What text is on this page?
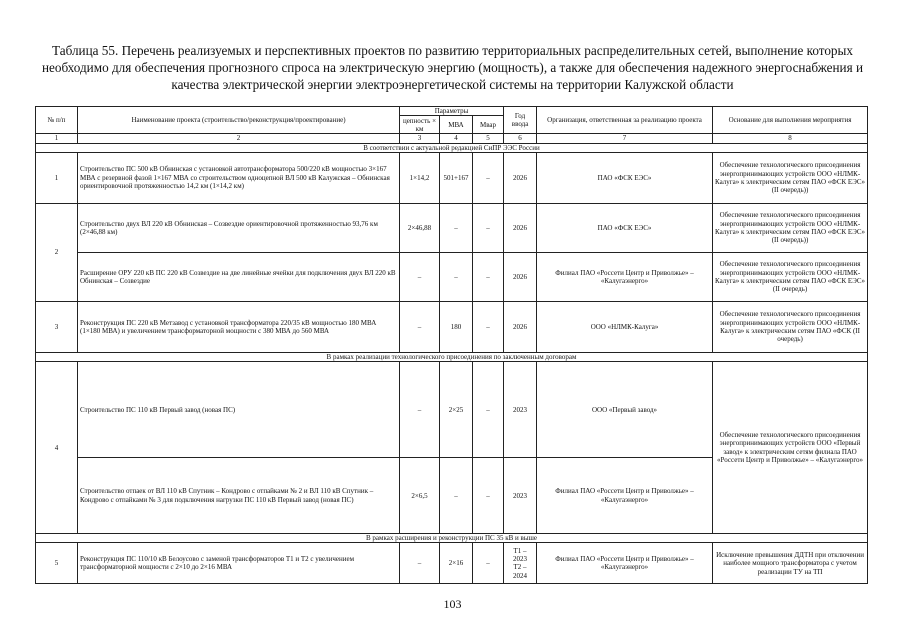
Таблица 55. Перечень реализуемых и перспективных проектов по развитию территориальных распределительных сетей, выполнение которых необходимо для обеспечения прогнозного спроса на электрическую энергию (мощность), а также для обеспечения надежного энергоснабжения и качества электрической энергии электроэнергетической системы на территории Калужской области
№ п/п	Наименование проекта (строительство/реконструкция/проектирование)	Параметры			Год ввода	Организация, ответственная за реализацию проекта	Основание для выполнения мероприятия
		цепность × км	МВА	Мвар			
1	2	3	4	5	6	7	8
В соответствии с актуальной редакцией СиПР ЭЭС России							
1	Строительство ПС 500 кВ Обнинская с установкой автотрансформатора 500/220 кВ мощностью 3×167 МВА с резервной фазой 1×167 МВА со строительством одноцепной ВЛ 500 кВ Калужская – Обнинская ориентировочной протяженностью 14,2 км (1×14,2 км)	1×14,2	501+167	–	2026	ПАО «ФСК ЕЭС»	Обеспечение технологического присоединения энергопринимающих устройств ООО «НЛМК-Калуга» к электрическим сетям ПАО «ФСК ЕЭС» (II очередь))
2	Строительство двух ВЛ 220 кВ Обнинская – Созвездие ориентировочной протяженностью 93,76 км (2×46,88 км)	2×46,88	–	–	2026	ПАО «ФСК ЕЭС»	Обеспечение технологического присоединения энергопринимающих устройств ООО «НЛМК-Калуга» к электрическим сетям ПАО «ФСК ЕЭС» (II очередь))
	Расширение ОРУ 220 кВ ПС 220 кВ Созвездие на две линейные ячейки для подключения двух ВЛ 220 кВ Обнинская – Созвездие	–	–	–	2026	Филиал ПАО «Россети Центр и Приволжье» – «Калугаэнерго»	Обеспечение технологического присоединения энергопринимающих устройств ООО «НЛМК-Калуга» к электрическим сетям ПАО «ФСК ЕЭС» (II очередь)
3	Реконструкция ПС 220 кВ Метзавод с установкой трансформатора 220/35 кВ мощностью 180 МВА (1×180 МВА) и увеличением трансформаторной мощности с 380 МВА до 560 МВА	–	180	–	2026	ООО «НЛМК-Калуга»	Обеспечение технологического присоединения энергопринимающих устройств ООО «НЛМК-Калуга» к электрическим сетям ПАО «ФСК (II очередь)
В рамках реализации технологического присоединения по заключенным договорам							
4	Строительство ПС 110 кВ Первый завод (новая ПС)	–	2×25	–	2023	ООО «Первый завод»	Обеспечение технологического присоединения энергопринимающих устройств ООО «Первый завод» к электрическим сетям филиала ПАО «Россети Центр и Приволжье» – «Калугаэнерго»
	Строительство отпаек от ВЛ 110 кВ Спутник – Кондрово с отпайками № 2 и ВЛ 110 кВ Спутник – Кондрово с отпайками № 3 для подключения нагрузки ПС 110 кВ Первый завод (новая ПС)	2×6,5	–	–	2023	Филиал ПАО «Россети Центр и Приволжье» – «Калугаэнерго»	
В рамках расширения и реконструкции ПС 35 кВ и выше							
5	Реконструкция ПС 110/10 кВ Белоусово с заменой трансформаторов Т1 и Т2 с увеличением трансформаторной мощности с 2×10 до 2×16 МВА	–	2×16	–	Т1 –
2023
Т2 –
2024	Филиал ПАО «Россети Центр и Приволжье» – «Калугаэнерго»	Исключение превышения ДДТН при отключении наиболее мощного трансформатора с учетом реализации ТУ на ТП
103
